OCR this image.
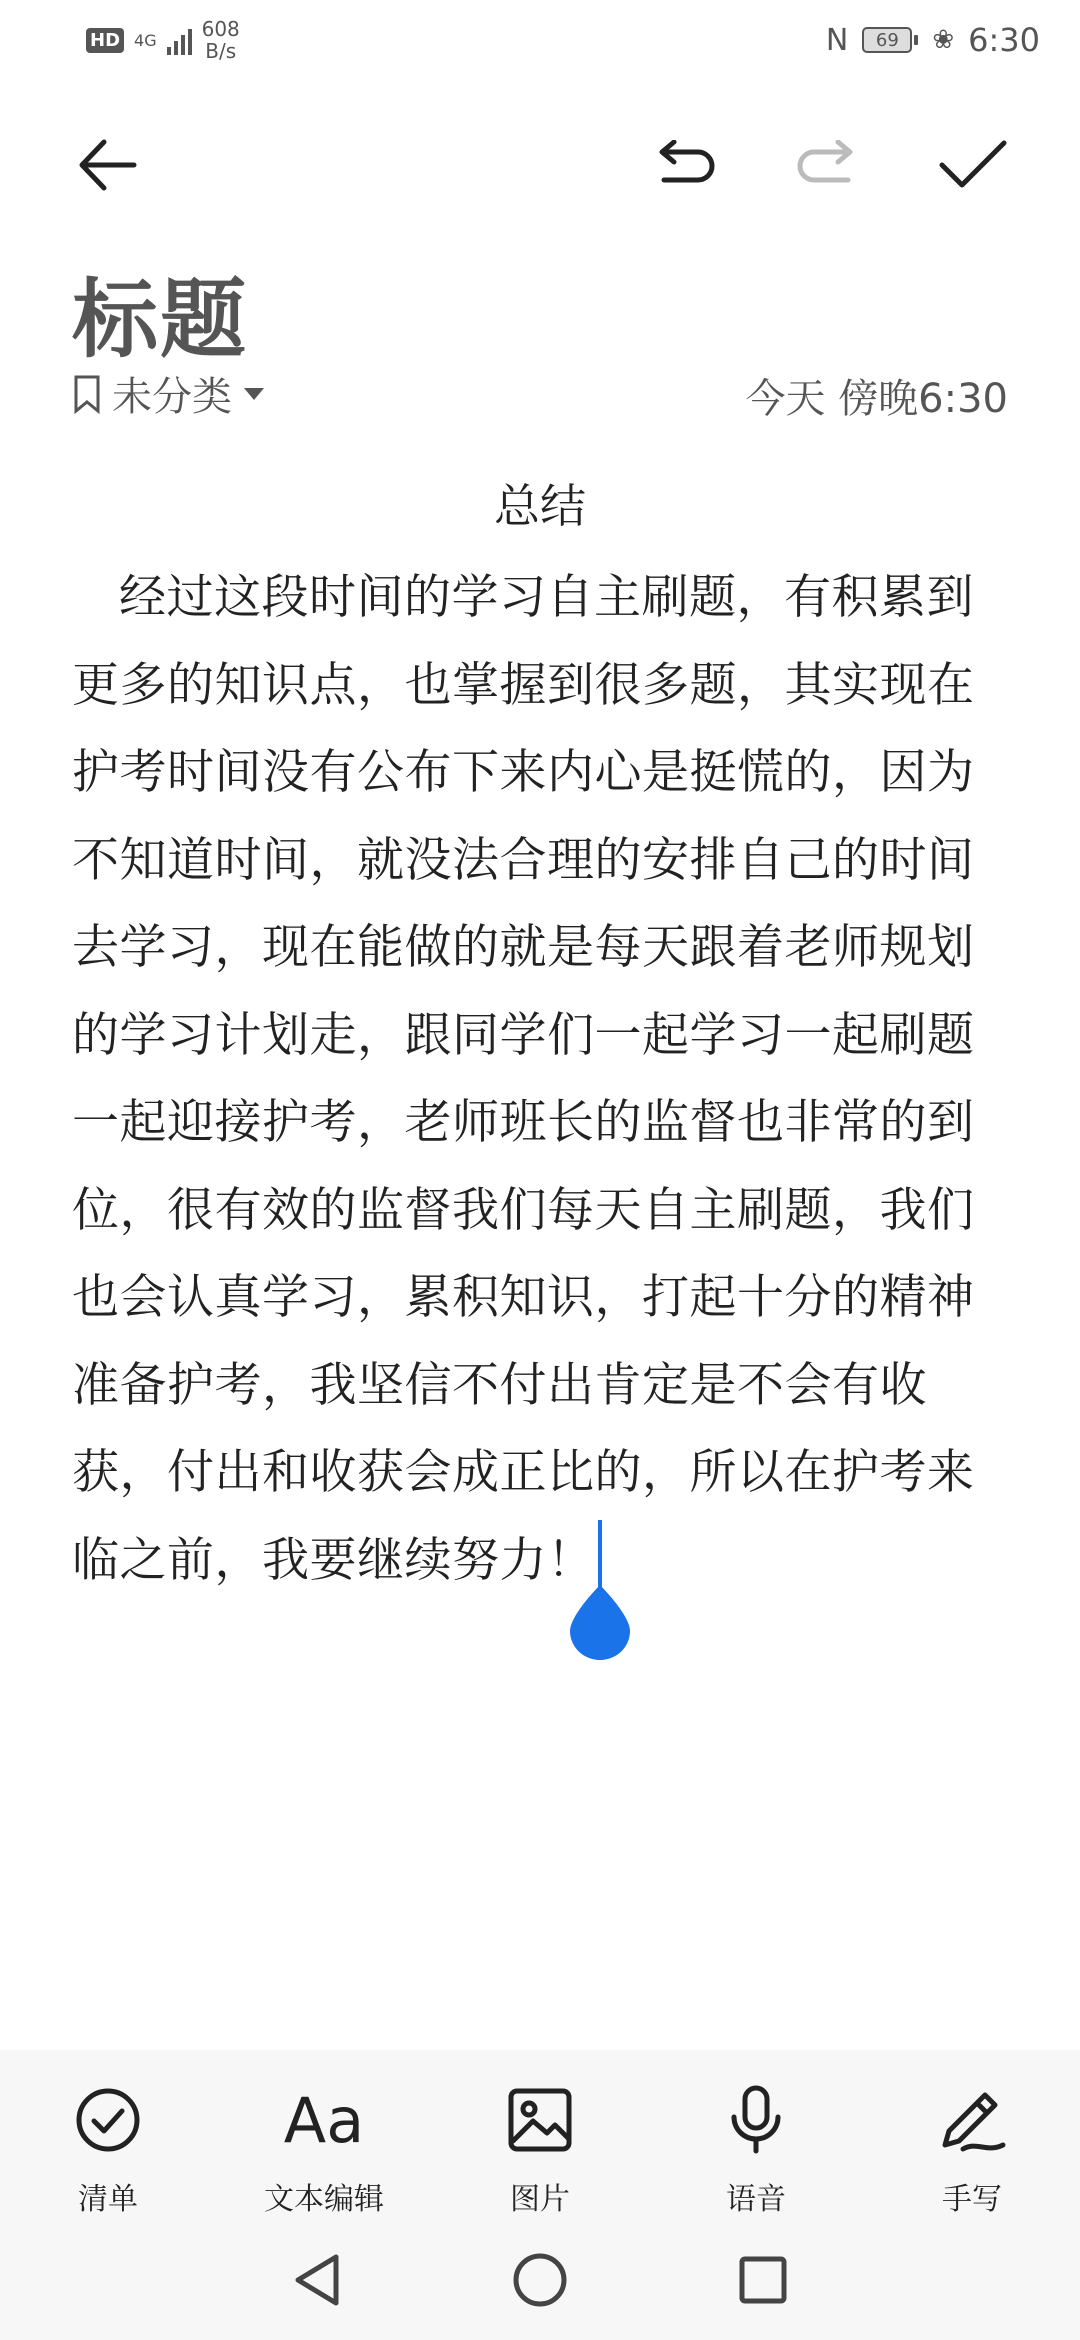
HD 4G 608
B/s	N	69	❀ 6:30
标题
未分类	今天 傍晚6:30
总结
经过这段时间的学习自主刷题，有积累到更多的知识点，也掌握到很多题，其实现在护考时间没有公布下来内心是挺慌的，因为不知道时间，就没法合理的安排自己的时间去学习，现在能做的就是每天跟着老师规划的学习计划走，跟同学们一起学习一起刷题一起迎接护考，老师班长的监督也非常的到位，很有效的监督我们每天自主刷题，我们也会认真学习，累积知识，打起十分的精神准备护考，我坚信不付出肯定是不会有收获，付出和收获会成正比的，所以在护考来临之前，我要继续努力！
清单
Aa
文本编辑	图片	语音	手写
